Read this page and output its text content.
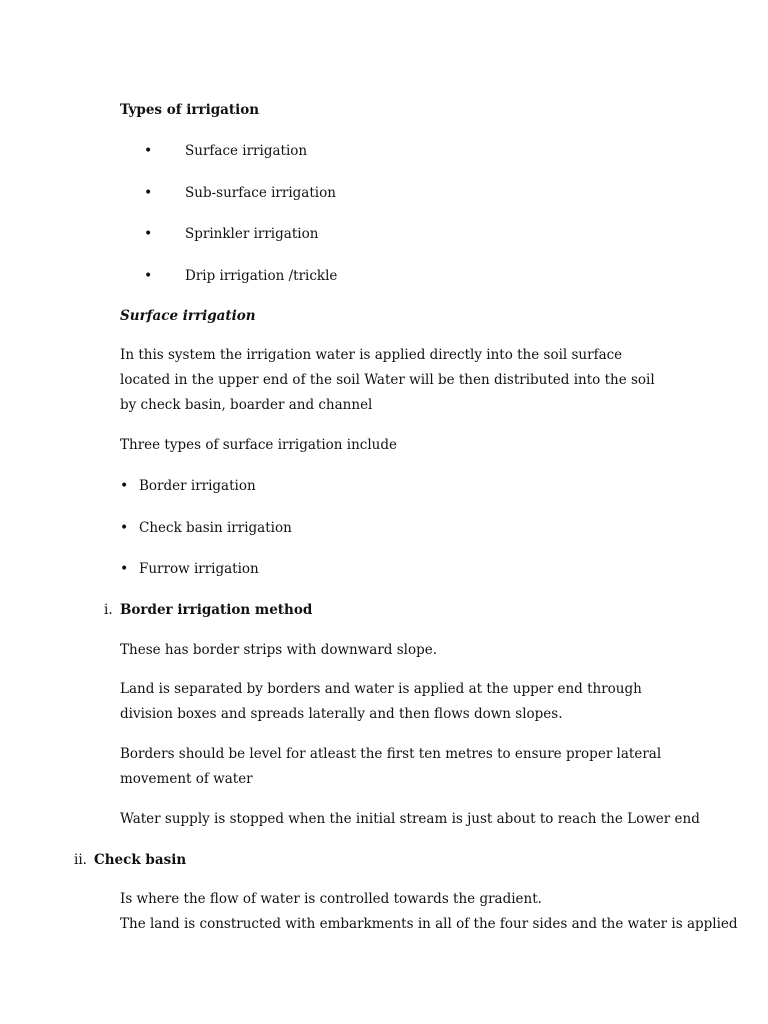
Types of irrigation
• Surface irrigation
• Sub-surface irrigation
• Sprinkler irrigation
• Drip irrigation /trickle
Surface irrigation
In this system the irrigation water is applied directly into the soil surface located in the upper end of the soil Water will be then distributed into the soil by check basin, boarder and channel
Three types of surface irrigation include
• Border irrigation
• Check basin irrigation
• Furrow irrigation
i. Border irrigation method
These has border strips with downward slope.
Land is separated by borders and water is applied at the upper end through division boxes and spreads laterally and then flows down slopes.
Borders should be level for atleast the first ten metres to ensure proper lateral movement of water
Water supply is stopped when the initial stream is just about to reach the Lower end
ii. Check basin
Is where the flow of water is controlled towards the gradient.
The land is constructed with embarkments in all of the four sides and the water is applied
